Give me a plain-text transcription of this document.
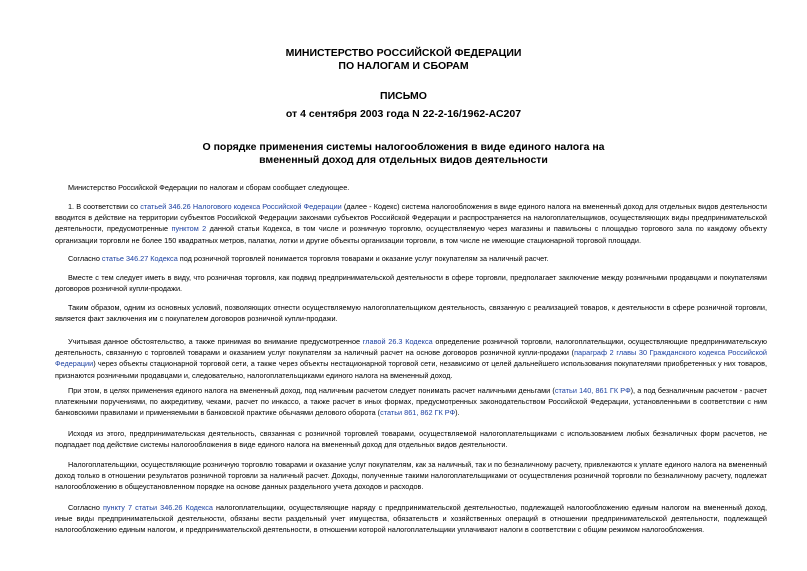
МИНИСТЕРСТВО РОССИЙСКОЙ ФЕДЕРАЦИИ
ПО НАЛОГАМ И СБОРАМ
ПИСЬМО
от 4 сентября 2003 года N 22-2-16/1962-АС207
О порядке применения системы налогообложения в виде единого налога на
вмененный доход для отдельных видов деятельности
Министерство Российской Федерации по налогам и сборам сообщает следующее.
1. В соответствии со статьей 346.26 Налогового кодекса Российской Федерации (далее - Кодекс) система налогообложения в виде единого налога на вмененный доход для отдельных видов деятельности вводится в действие на территории субъектов Российской Федерации законами субъектов Российской Федерации и распространяется на налогоплательщиков, осуществляющих виды предпринимательской деятельности, предусмотренные пунктом 2 данной статьи Кодекса, в том числе и розничную торговлю, осуществляемую через магазины и павильоны с площадью торгового зала по каждому объекту организации торговли не более 150 квадратных метров, палатки, лотки и другие объекты организации торговли, в том числе не имеющие стационарной торговой площади.
Согласно статье 346.27 Кодекса под розничной торговлей понимается торговля товарами и оказание услуг покупателям за наличный расчет.
Вместе с тем следует иметь в виду, что розничная торговля, как подвид предпринимательской деятельности в сфере торговли, предполагает заключение между розничными продавцами и покупателями договоров розничной купли-продажи.
Таким образом, одним из основных условий, позволяющих отнести осуществляемую налогоплательщиком деятельность, связанную с реализацией товаров, к деятельности в сфере розничной торговли, является факт заключения им с покупателем договоров розничной купли-продажи.
Учитывая данное обстоятельство, а также принимая во внимание предусмотренное главой 26.3 Кодекса определение розничной торговли, налогоплательщики, осуществляющие предпринимательскую деятельность, связанную с торговлей товарами и оказанием услуг покупателям за наличный расчет на основе договоров розничной купли-продажи (параграф 2 главы 30 Гражданского кодекса Российской Федерации) через объекты стационарной торговой сети, а также через объекты нестационарной торговой сети, независимо от целей дальнейшего использования покупателями приобретенных у них товаров, признаются розничными продавцами и, следовательно, налогоплательщиками единого налога на вмененный доход.
При этом, в целях применения единого налога на вмененный доход, под наличным расчетом следует понимать расчет наличными деньгами (статьи 140, 861 ГК РФ), а под безналичным расчетом - расчет платежными поручениями, по аккредитиву, чеками, расчет по инкассо, а также расчет в иных формах, предусмотренных законодательством Российской Федерации, установленными в соответствии с ним банковскими правилами и применяемыми в банковской практике обычаями делового оборота (статьи 861, 862 ГК РФ).
Исходя из этого, предпринимательская деятельность, связанная с розничной торговлей товарами, осуществляемой налогоплательщиками с использованием любых безналичных форм расчетов, не подпадает под действие системы налогообложения в виде единого налога на вмененный доход для отдельных видов деятельности.
Налогоплательщики, осуществляющие розничную торговлю товарами и оказание услуг покупателям, как за наличный, так и по безналичному расчету, привлекаются к уплате единого налога на вмененный доход только в отношении результатов розничной торговли за наличный расчет. Доходы, полученные такими налогоплательщиками от осуществления розничной торговли по безналичному расчету, подлежат налогообложению в общеустановленном порядке на основе данных раздельного учета доходов и расходов.
Согласно пункту 7 статьи 346.26 Кодекса налогоплательщики, осуществляющие наряду с предпринимательской деятельностью, подлежащей налогообложению единым налогом на вмененный доход, иные виды предпринимательской деятельности, обязаны вести раздельный учет имущества, обязательств и хозяйственных операций в отношении предпринимательской деятельности, подлежащей налогообложению единым налогом, и предпринимательской деятельности, в отношении которой налогоплательщики уплачивают налоги в соответствии с общим режимом налогообложения.
